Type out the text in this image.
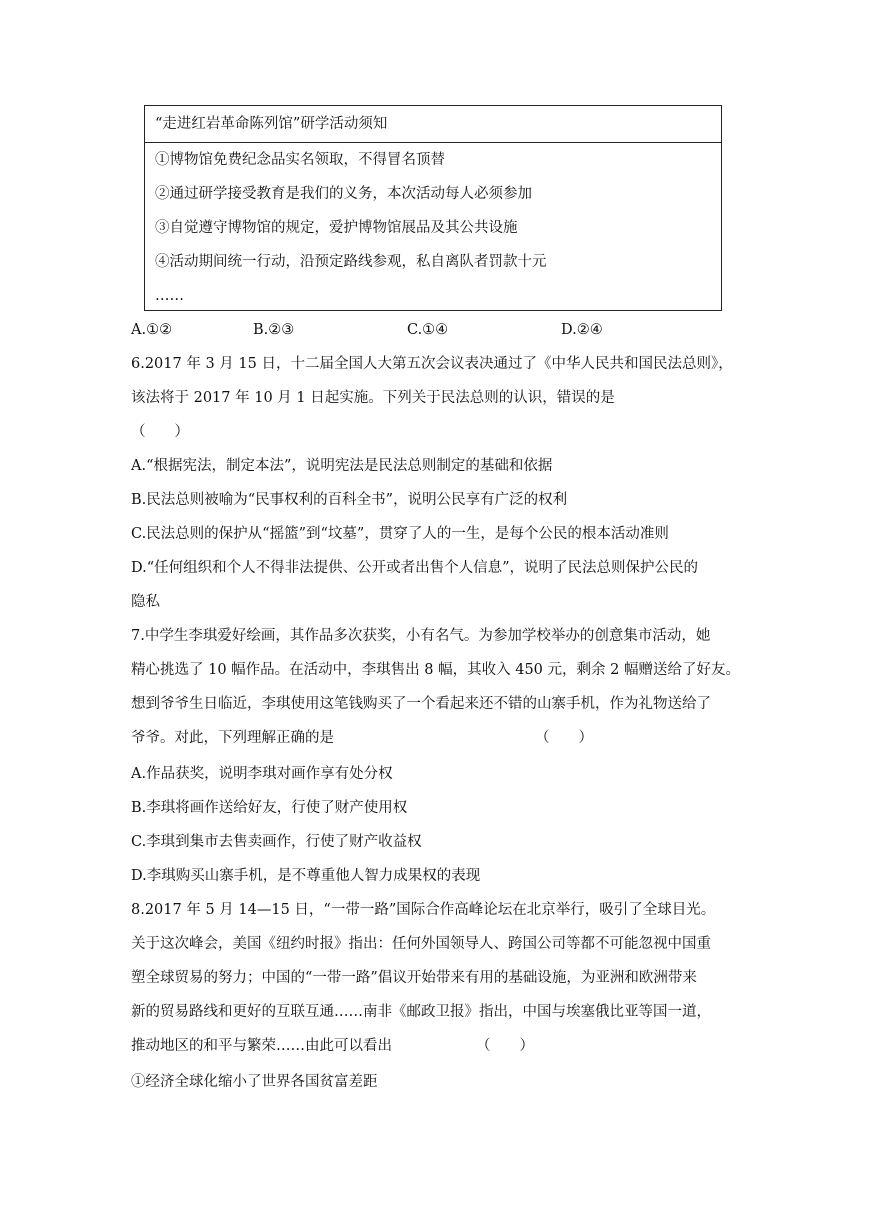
“走进红岩革命陈列馆”研学活动须知
①博物馆免费纪念品实名领取，不得冒名顶替
②通过研学接受教育是我们的义务，本次活动每人必须参加
③自觉遵守博物馆的规定，爱护博物馆展品及其公共设施
④活动期间统一行动，沿预定路线参观，私自离队者罚款十元
……
A.①②	B.②③	C.①④	D.②④
6.2017 年 3 月 15 日，十二届全国人大第五次会议表决通过了《中华人民共和国民法总则》，
该法将于 2017 年 10 月 1 日起实施。下列关于民法总则的认识，错误的是
（　　）
A.“根据宪法，制定本法”，说明宪法是民法总则制定的基础和依据
B.民法总则被喻为“民事权利的百科全书”，说明公民享有广泛的权利
C.民法总则的保护从“摇篮”到“坟墓”，贯穿了人的一生，是每个公民的根本活动准则
D.“任何组织和个人不得非法提供、公开或者出售个人信息”，说明了民法总则保护公民的
隐私
7.中学生李琪爱好绘画，其作品多次获奖，小有名气。为参加学校举办的创意集市活动，她
精心挑选了 10 幅作品。在活动中，李琪售出 8 幅，其收入 450 元，剩余 2 幅赠送给了好友。
想到爷爷生日临近，李琪使用这笔钱购买了一个看起来还不错的山寨手机，作为礼物送给了
爷爷。对此，下列理解正确的是	（　　）
A.作品获奖，说明李琪对画作享有处分权
B.李琪将画作送给好友，行使了财产使用权
C.李琪到集市去售卖画作，行使了财产收益权
D.李琪购买山寨手机，是不尊重他人智力成果权的表现
8.2017 年 5 月 14—15 日，“一带一路”国际合作高峰论坛在北京举行，吸引了全球目光。
关于这次峰会，美国《纽约时报》指出：任何外国领导人、跨国公司等都不可能忽视中国重
塑全球贸易的努力；中国的“一带一路”倡议开始带来有用的基础设施，为亚洲和欧洲带来
新的贸易路线和更好的互联互通……南非《邮政卫报》指出，中国与埃塞俄比亚等国一道，
推动地区的和平与繁荣……由此可以看出	（　　）
①经济全球化缩小了世界各国贫富差距
